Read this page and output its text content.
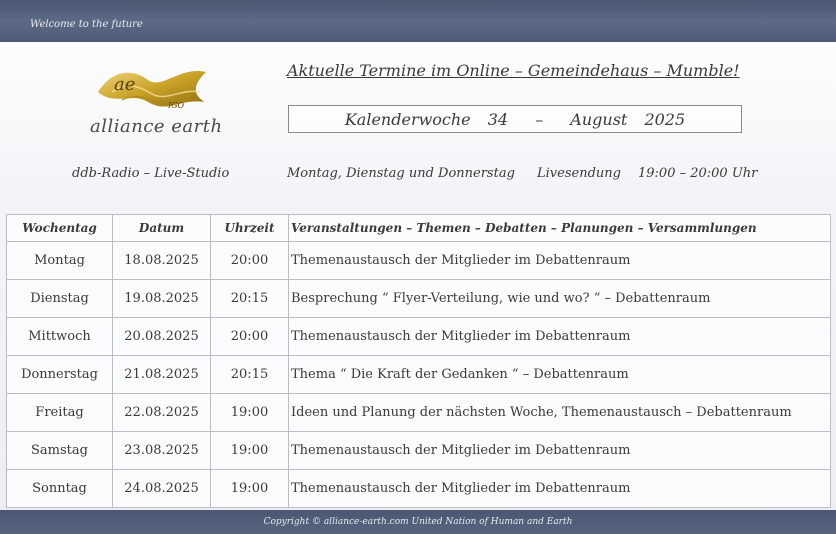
Welcome to the future
ae
IGO
alliance earth
Aktuelle Termine im Online – Gemeindehaus – Mumble!
Kalenderwoche 34 – August 2025
ddb-Radio – Live-Studio	Montag, Dienstag und Donnerstag Livesendung 19:00 – 20:00 Uhr
Wochentag	Datum	Uhrzeit	Veranstaltungen – Themen – Debatten – Planungen – Versammlungen
Montag	18.08.2025	20:00	Themenaustausch der Mitglieder im Debattenraum
Dienstag	19.08.2025	20:15	Besprechung “ Flyer-Verteilung, wie und wo? “ – Debattenraum
Mittwoch	20.08.2025	20:00	Themenaustausch der Mitglieder im Debattenraum
Donnerstag	21.08.2025	20:15	Thema “ Die Kraft der Gedanken “ – Debattenraum
Freitag	22.08.2025	19:00	Ideen und Planung der nächsten Woche, Themenaustausch – Debattenraum
Samstag	23.08.2025	19:00	Themenaustausch der Mitglieder im Debattenraum
Sonntag	24.08.2025	19:00	Themenaustausch der Mitglieder im Debattenraum
Copyright © alliance-earth.com United Nation of Human and Earth
